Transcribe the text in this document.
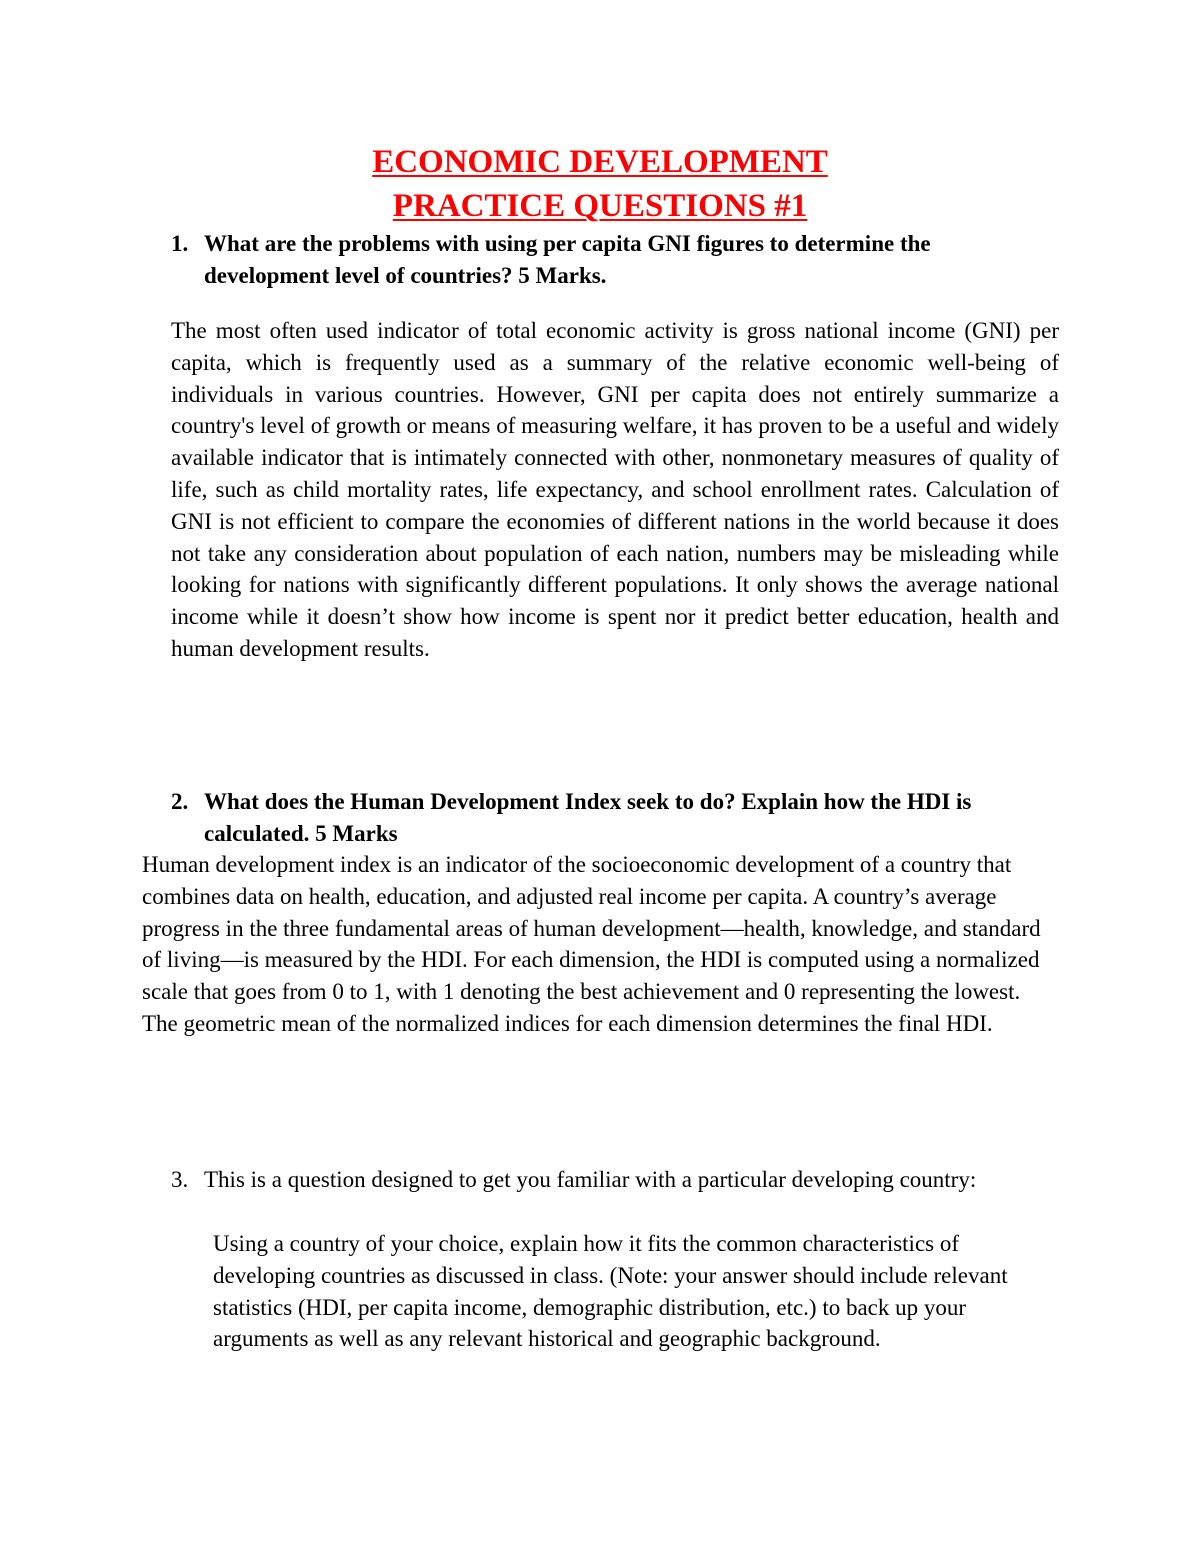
ECONOMIC DEVELOPMENT
PRACTICE QUESTIONS #1
1. What are the problems with using per capita GNI figures to determine the development level of countries? 5 Marks.

The most often used indicator of total economic activity is gross national income (GNI) per capita, which is frequently used as a summary of the relative economic well-being of individuals in various countries. However, GNI per capita does not entirely summarize a country's level of growth or means of measuring welfare, it has proven to be a useful and widely available indicator that is intimately connected with other, nonmonetary measures of quality of life, such as child mortality rates, life expectancy, and school enrollment rates. Calculation of GNI is not efficient to compare the economies of different nations in the world because it does not take any consideration about population of each nation, numbers may be misleading while looking for nations with significantly different populations. It only shows the average national income while it doesn’t show how income is spent nor it predict better education, health and human development results.

2. What does the Human Development Index seek to do? Explain how the HDI is calculated. 5 Marks

Human development index is an indicator of the socioeconomic development of a country that combines data on health, education, and adjusted real income per capita. A country’s average progress in the three fundamental areas of human development—health, knowledge, and standard of living—is measured by the HDI. For each dimension, the HDI is computed using a normalized scale that goes from 0 to 1, with 1 denoting the best achievement and 0 representing the lowest. The geometric mean of the normalized indices for each dimension determines the final HDI.

3. This is a question designed to get you familiar with a particular developing country:

Using a country of your choice, explain how it fits the common characteristics of developing countries as discussed in class. (Note: your answer should include relevant statistics (HDI, per capita income, demographic distribution, etc.) to back up your arguments as well as any relevant historical and geographic background.
